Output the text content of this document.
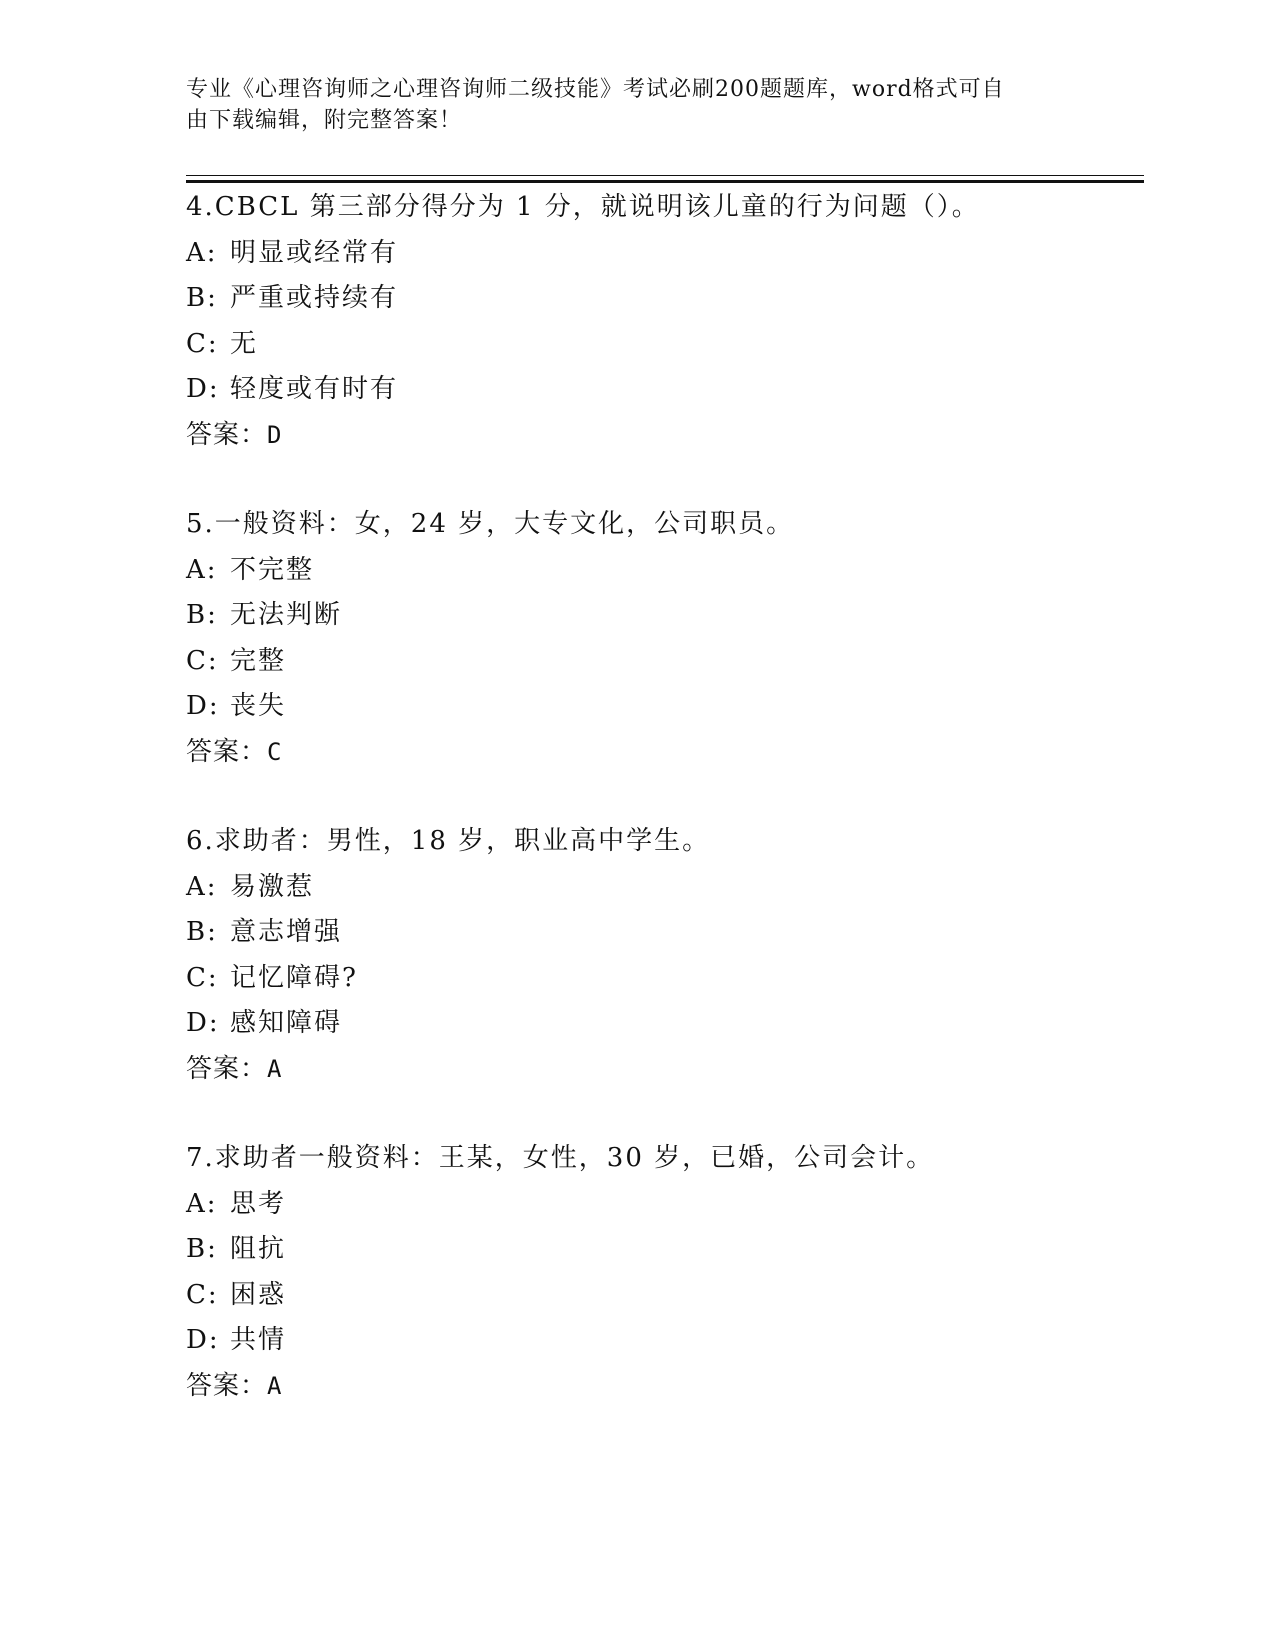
专业《心理咨询师之心理咨询师二级技能》考试必刷200题题库，word格式可自
由下载编辑，附完整答案！
4.CBCL 第三部分得分为 1 分，就说明该儿童的行为问题（）。
A: 明显或经常有
B: 严重或持续有
C: 无
D: 轻度或有时有
答案：D
5.一般资料：女，24 岁，大专文化，公司职员。
A: 不完整
B: 无法判断
C: 完整
D: 丧失
答案：C
6.求助者：男性，18 岁，职业高中学生。
A: 易激惹
B: 意志增强
C: 记忆障碍?
D: 感知障碍
答案：A
7.求助者一般资料：王某，女性，30 岁，已婚，公司会计。
A: 思考
B: 阻抗
C: 困惑
D: 共情
答案：A
